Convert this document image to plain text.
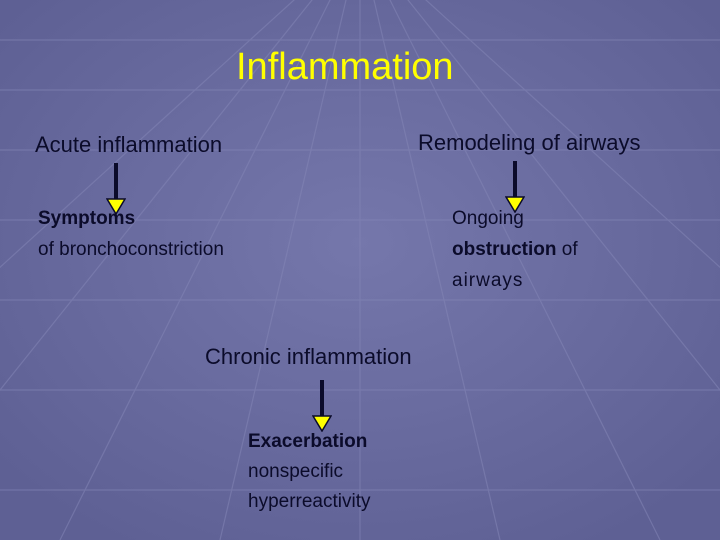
Inflammation
Acute inflammation
Symptoms
of bronchoconstriction
Remodeling of airways
Ongoing
obstruction of
airways
Chronic inflammation
Exacerbation
nonspecific
hyperreactivity
